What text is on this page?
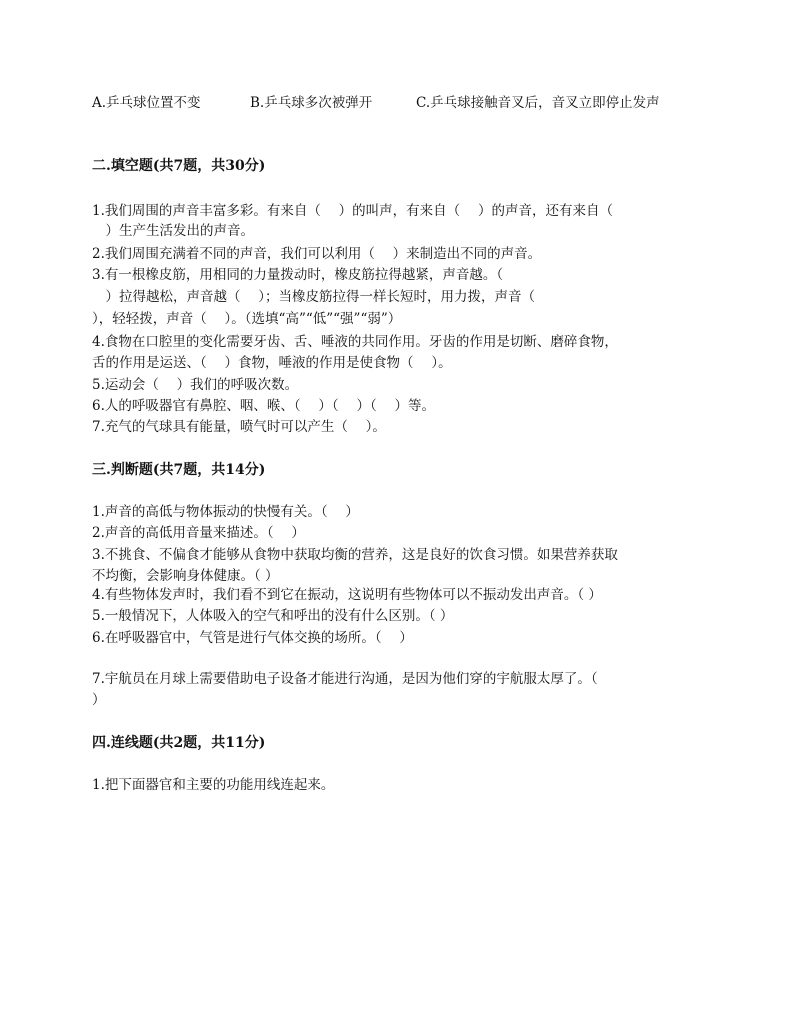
A.乒乓球位置不变	B.乒乓球多次被弹开	C.乒乓球接触音叉后，音叉立即停止发声
二.填空题(共7题，共30分)
1.我们周围的声音丰富多彩。有来自（　 ）的叫声，有来自（　 ）的声音，还有来自（
　）生产生活发出的声音。
2.我们周围充满着不同的声音，我们可以利用（　 ）来制造出不同的声音。
3.有一根橡皮筋，用相同的力量拨动时，橡皮筋拉得越紧，声音越。（
　）拉得越松，声音越（　 ）；当橡皮筋拉得一样长短时，用力拨，声音（
），轻轻拨，声音（　 ）。（选填“高”“低”“强”“弱”）
4.食物在口腔里的变化需要牙齿、舌、唾液的共同作用。牙齿的作用是切断、磨碎食物，
舌的作用是运送、（　 ）食物，唾液的作用是使食物（　 ）。
5.运动会（　 ）我们的呼吸次数。
6.人的呼吸器官有鼻腔、咽、喉、（　 ）（　 ）（　 ）等。
7.充气的气球具有能量，喷气时可以产生（　 ）。
三.判断题(共7题，共14分)
1.声音的高低与物体振动的快慢有关。（　 ）
2.声音的高低用音量来描述。（　 ）
3.不挑食、不偏食才能够从食物中获取均衡的营养，这是良好的饮食习惯。如果营养获取
不均衡，会影响身体健康。（ ）
4.有些物体发声时，我们看不到它在振动，这说明有些物体可以不振动发出声音。（ ）
5.一般情况下，人体吸入的空气和呼出的没有什么区别。（ ）
6.在呼吸器官中，气管是进行气体交换的场所。（　 ）
7.宇航员在月球上需要借助电子设备才能进行沟通，是因为他们穿的宇航服太厚了。（
）
四.连线题(共2题，共11分)
1.把下面器官和主要的功能用线连起来。
